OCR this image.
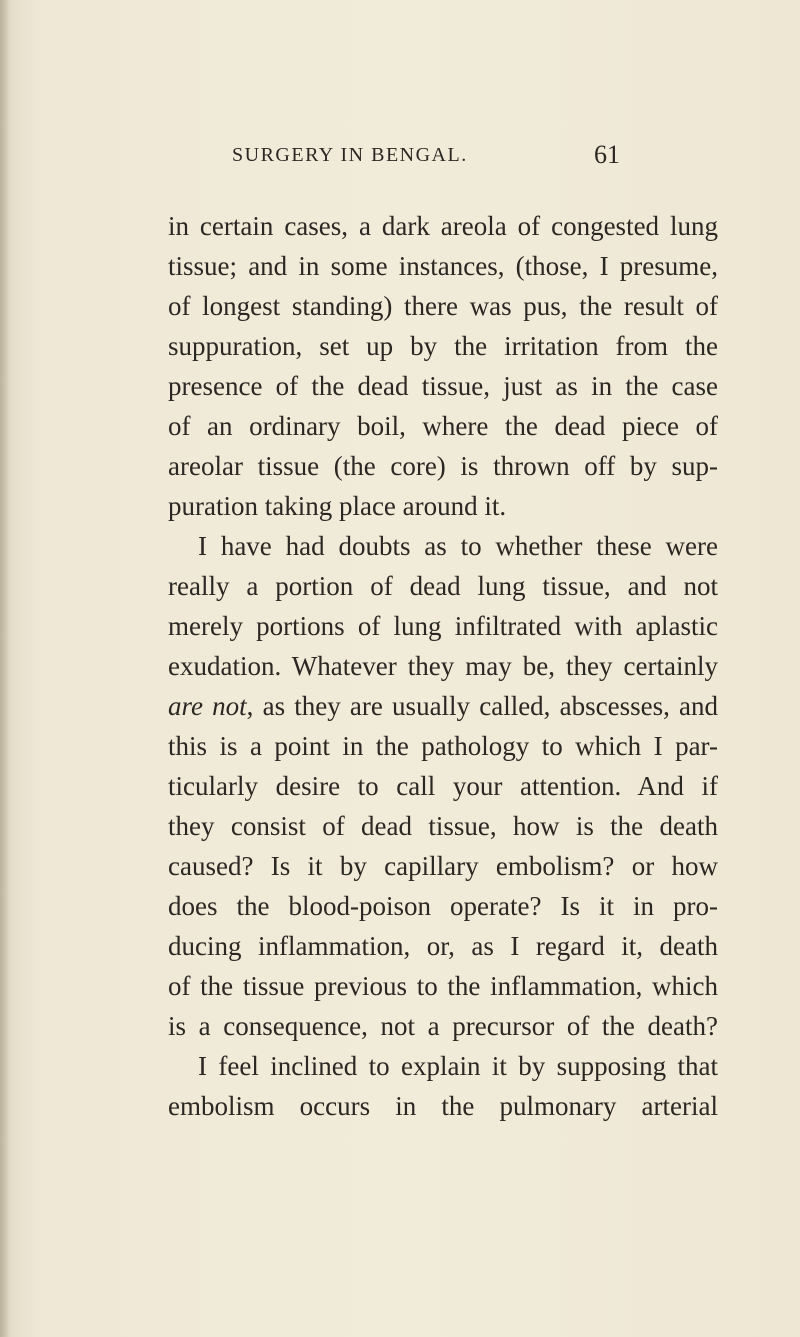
SURGERY IN BENGAL.	61
in certain cases, a dark areola of congested lung
tissue; and in some instances, (those, I presume,
of longest standing) there was pus, the result of
suppuration, set up by the irritation from the
presence of the dead tissue, just as in the case
of an ordinary boil, where the dead piece of
areolar tissue (the core) is thrown off by sup-
puration taking place around it.
I have had doubts as to whether these were
really a portion of dead lung tissue, and not
merely portions of lung infiltrated with aplastic
exudation. Whatever they may be, they certainly
are not, as they are usually called, abscesses, and
this is a point in the pathology to which I par-
ticularly desire to call your attention. And if
they consist of dead tissue, how is the death
caused? Is it by capillary embolism? or how
does the blood-poison operate? Is it in pro-
ducing inflammation, or, as I regard it, death
of the tissue previous to the inflammation, which
is a consequence, not a precursor of the death?
I feel inclined to explain it by supposing that
embolism occurs in the pulmonary arterial
